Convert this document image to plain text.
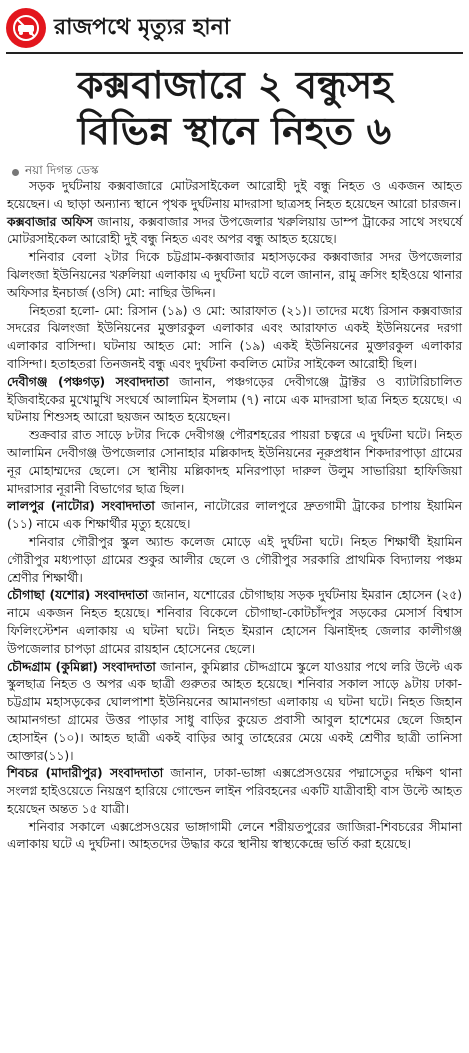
রাজপথে মৃত্যুর হানা
কক্সবাজারে ২ বন্ধুসহ
বিভিন্ন স্থানে নিহত ৬
নয়া দিগন্ত ডেস্ক

সড়ক দুর্ঘটনায় কক্সবাজারে মোটরসাইকেল আরোহী দুই বন্ধু নিহত ও একজন আহত হয়েছেন। এ ছাড়া অন্যান্য স্থানে পৃথক দুর্ঘটনায় মাদরাসা ছাত্রসহ নিহত হয়েছেন আরো চারজন।

কক্সবাজার অফিস জানায়, কক্সবাজার সদর উপজেলার খরুলিয়ায় ডাম্প ট্রাকের সাথে সংঘর্ষে মোটরসাইকেল আরোহী দুই বন্ধু নিহত এবং অপর বন্ধু আহত হয়েছে।

শনিবার বেলা ২টার দিকে চট্টগ্রাম-কক্সবাজার মহাসড়কের কক্সবাজার সদর উপজেলার ঝিলংজা ইউনিয়নের খরুলিয়া এলাকায় এ দুর্ঘটনা ঘটে বলে জানান, রামু ক্রসিং হাইওয়ে থানার অফিসার ইনচার্জ (ওসি) মো: নাছির উদ্দিন।

নিহতরা হলো- মো: রিসান (১৯) ও মো: আরাফাত (২১)। তাদের মধ্যে রিসান কক্সবাজার সদরের ঝিলংজা ইউনিয়নের মুক্তারকুল এলাকার এবং আরাফাত একই ইউনিয়নের দরগা এলাকার বাসিন্দা। ঘটনায় আহত মো: সানি (১৯) একই ইউনিয়নের মুক্তারকুল এলাকার বাসিন্দা। হতাহতরা তিনজনই বন্ধু এবং দুর্ঘটনা কবলিত মোটর সাইকেল আরোহী ছিল।

দেবীগঞ্জ (পঞ্চগড়) সংবাদদাতা জানান, পঞ্চগড়ের দেবীগঞ্জে ট্রাক্টর ও ব্যাটারিচালিত ইজিবাইকের মুখোমুখি সংঘর্ষে আলামিন ইসলাম (৭) নামে এক মাদরাসা ছাত্র নিহত হয়েছে। এ ঘটনায় শিশুসহ আরো ছয়জন আহত হয়েছেন।

শুক্রবার রাত সাড়ে ৮টার দিকে দেবীগঞ্জ পৌরশহরের পায়রা চত্বরে এ দুর্ঘটনা ঘটে। নিহত আলামিন দেবীগঞ্জ উপজেলার সোনাহার মল্লিকাদহ ইউনিয়নের নূরুপ্রধান শিকদারপাড়া গ্রামের নূর মোহাম্মদের ছেলে। সে স্থানীয় মল্লিকাদহ মনিরপাড়া দারুল উলুম সাভারিয়া হাফিজিয়া মাদরাসার নূরানী বিভাগের ছাত্র ছিল।

লালপুর (নাটোর) সংবাদদাতা জানান, নাটোরের লালপুরে দ্রুতগামী ট্রাকের চাপায় ইয়ামিন (১১) নামে এক শিক্ষার্থীর মৃত্যু হয়েছে।

শনিবার গৌরীপুর স্কুল অ্যান্ড কলেজ মোড়ে এই দুর্ঘটনা ঘটে। নিহত শিক্ষার্থী ইয়ামিন গৌরীপুর মধ্যপাড়া গ্রামের শুকুর আলীর ছেলে ও গৌরীপুর সরকারি প্রাথমিক বিদ্যালয় পঞ্চম শ্রেণীর শিক্ষার্থী।

চৌগাছা (যশোর) সংবাদদাতা জানান, যশোরের চৌগাছায় সড়ক দুর্ঘটনায় ইমরান হোসেন (২৫) নামে একজন নিহত হয়েছে। শনিবার বিকেলে চৌগাছা-কোটচাঁদপুর সড়কের মেসার্স বিশ্বাস ফিলিংস্টেশন এলাকায় এ ঘটনা ঘটে। নিহত ইমরান হোসেন ঝিনাইদহ জেলার কালীগঞ্জ উপজেলার চাপড়া গ্রামের রায়হান হোসেনের ছেলে।

চৌদ্দগ্রাম (কুমিল্লা) সংবাদদাতা জানান, কুমিল্লার চৌদ্দগ্রামে স্কুলে যাওয়ার পথে লরি উল্টে এক স্কুলছাত্র নিহত ও অপর এক ছাত্রী গুরুতর আহত হয়েছে। শনিবার সকাল সাড়ে ৯টায় ঢাকা-চট্টগ্রাম মহাসড়কের ঘোলপাশা ইউনিয়নের আমানগন্ডা এলাকায় এ ঘটনা ঘটে। নিহত জিহান আমানগন্ডা গ্রামের উত্তর পাড়ার সাধু বাড়ির কুয়েত প্রবাসী আবুল হাশেমের ছেলে জিহান হোসাইন (১০)। আহত ছাত্রী একই বাড়ির আবু তাহেরের মেয়ে একই শ্রেণীর ছাত্রী তানিসা আক্তার(১১)।

শিবচর (মাদারীপুর) সংবাদদাতা জানান, ঢাকা-ভাঙ্গা এক্সপ্রেসওয়ের পদ্মাসেতুর দক্ষিণ থানা সংলগ্ন হাইওয়েতে নিয়ন্ত্রণ হারিয়ে গোল্ডেন লাইন পরিবহনের একটি যাত্রীবাহী বাস উল্টে আহত হয়েছেন অন্তত ১৫ যাত্রী।

শনিবার সকালে এক্সপ্রেসওয়ের ভাঙ্গাগামী লেনে শরীয়তপুরের জাজিরা-শিবচরের সীমানা এলাকায় ঘটে এ দুর্ঘটনা। আহতদের উদ্ধার করে স্থানীয় স্বাস্থ্যকেন্দ্রে ভর্তি করা হয়েছে।
